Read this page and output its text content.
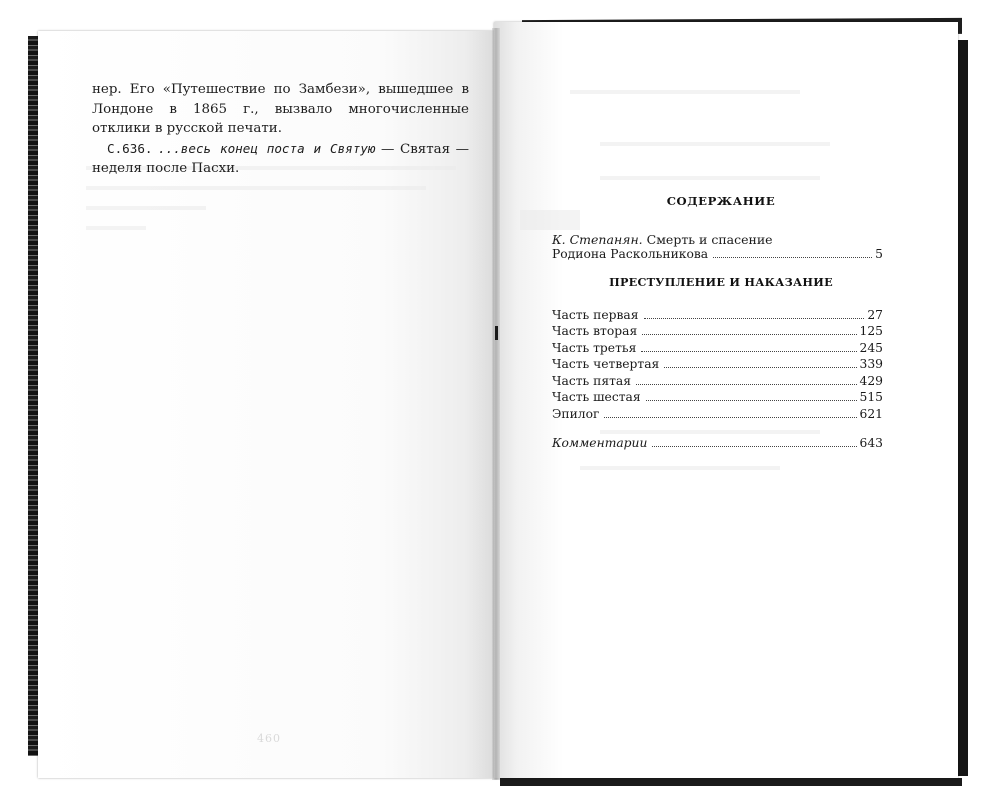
нер. Его «Путешествие по Замбези», вышедшее в Лондоне в 1865 г., вызвало многочисленные отклики в русской печати.

С.636. ...весь конец поста и Святую — Святая — неделя после Пасхи.

460
СОДЕРЖАНИЕ
К. Степанян. Смерть и спасение
Родиона Раскольникова	5
ПРЕСТУПЛЕНИЕ И НАКАЗАНИЕ
Часть первая	27
Часть вторая	125
Часть третья	245
Часть четвертая	339
Часть пятая	429
Часть шестая	515
Эпилог	621
Комментарии	643
